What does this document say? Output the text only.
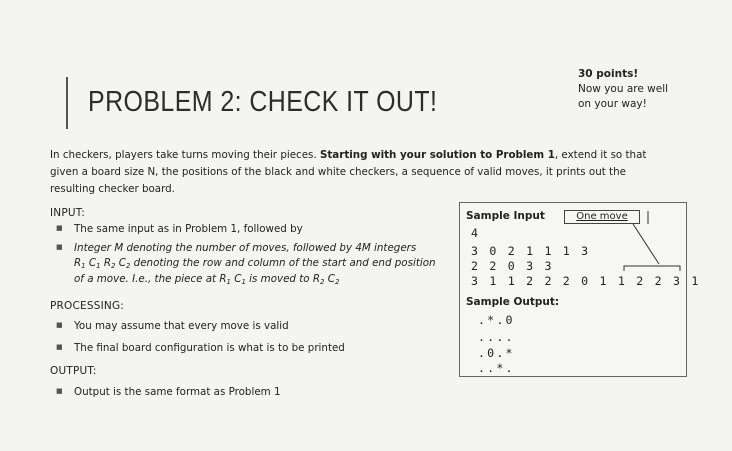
PROBLEM 2: CHECK IT OUT!
30 points!
Now you are well
on your way!
In checkers, players take turns moving their pieces. Starting with your solution to Problem 1, extend it so that given a board size N, the positions of the black and white checkers, a sequence of valid moves, it prints out the resulting checker board.
INPUT:
■ The same input as in Problem 1, followed by
■ Integer M denoting the number of moves, followed by 4M integers
$R_1$ $C_1$ $R_2$ $C_2$ denoting the row and column of the start and end position
of a move. I.e., the piece at $R_1$ $C_1$ is moved to $R_2$ $C_2$
PROCESSING:
■ You may assume that every move is valid
■ The final board configuration is what is to be printed
OUTPUT:
■ Output is the same format as Problem 1
Sample Input	One move
4
3 0 2 1 1 1 3
2 2 0 3 3
3 1 1 2 2 2 0 1 1 2 2 3 1
Sample Output:
.*.0
....
.0.*
..*.
